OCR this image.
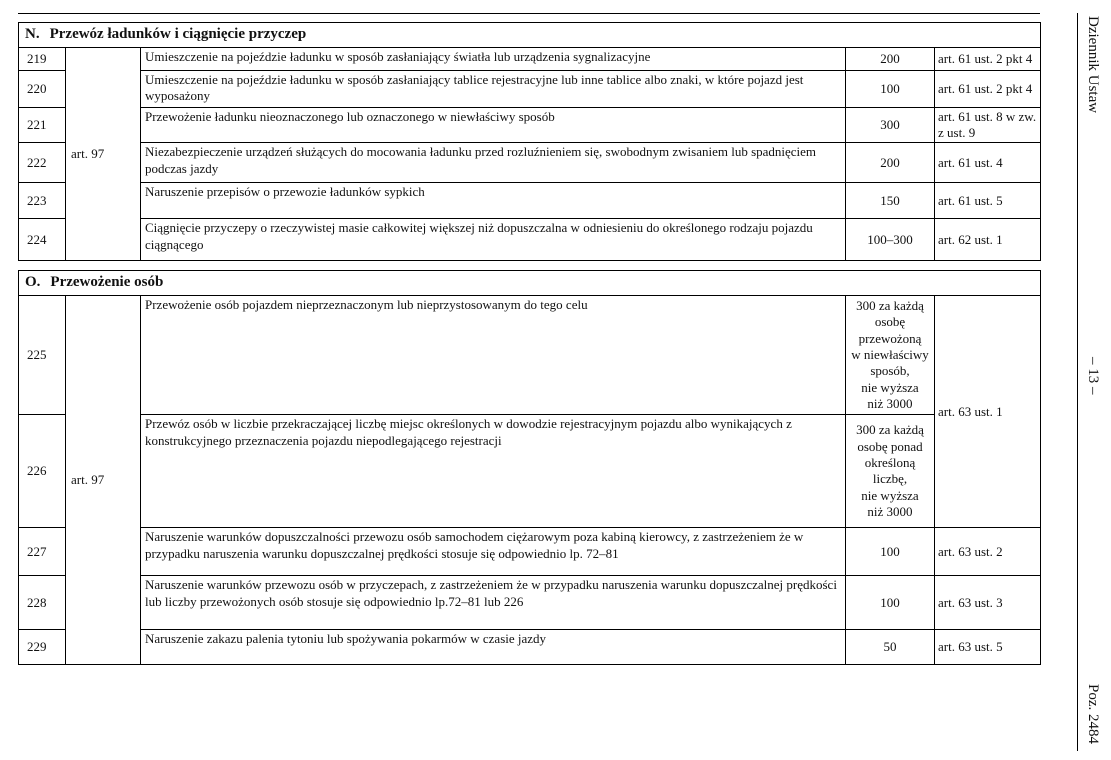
N. Przewóz ładunków i ciągnięcie przyczep				
219	art. 97	Umieszczenie na pojeździe ładunku w sposób zasłaniający światła lub urządzenia sygnalizacyjne	200	art. 61 ust. 2 pkt 4
220		Umieszczenie na pojeździe ładunku w sposób zasłaniający tablice rejestracyjne lub inne tablice albo znaki, w które pojazd jest wyposażony	100	art. 61 ust. 2 pkt 4
221		Przewożenie ładunku nieoznaczonego lub oznaczonego w niewłaściwy sposób	300	art. 61 ust. 8 w zw. z ust. 9
222		Niezabezpieczenie urządzeń służących do mocowania ładunku przed rozluźnieniem się, swobodnym zwisaniem lub spadnięciem podczas jazdy	200	art. 61 ust. 4
223		Naruszenie przepisów o przewozie ładunków sypkich	150	art. 61 ust. 5
224		Ciągnięcie przyczepy o rzeczywistej masie całkowitej większej niż dopuszczalna w odniesieniu do określonego rodzaju pojazdu ciągnącego	100–300	art. 62 ust. 1
O. Przewożenie osób				
225	art. 97	Przewożenie osób pojazdem nieprzeznaczonym lub nieprzystosowanym do tego celu	300 za każdą
osobę
przewożoną
w niewłaściwy
sposób,
nie wyższa
niż 3000	art. 63 ust. 1
226	Przewóz osób w liczbie przekraczającej liczbę miejsc określonych w dowodzie rejestracyjnym pojazdu albo wynikających z konstrukcyjnego przeznaczenia pojazdu niepodlegającego rejestracji	300 za każdą
osobę ponad
określoną
liczbę,
nie wyższa
niż 3000
227		Naruszenie warunków dopuszczalności przewozu osób samochodem ciężarowym poza kabiną kierowcy, z zastrzeżeniem że w przypadku naruszenia warunku dopuszczalnej prędkości stosuje się odpowiednio lp. 72–81	100	art. 63 ust. 2
228		Naruszenie warunków przewozu osób w przyczepach, z zastrzeżeniem że w przypadku naruszenia warunku dopuszczalnej prędkości lub liczby przewożonych osób stosuje się odpowiednio lp.72–81 lub 226	100	art. 63 ust. 3
229		Naruszenie zakazu palenia tytoniu lub spożywania pokarmów w czasie jazdy	50	art. 63 ust. 5
Dziennik Ustaw
– 13 –
Poz. 2484
